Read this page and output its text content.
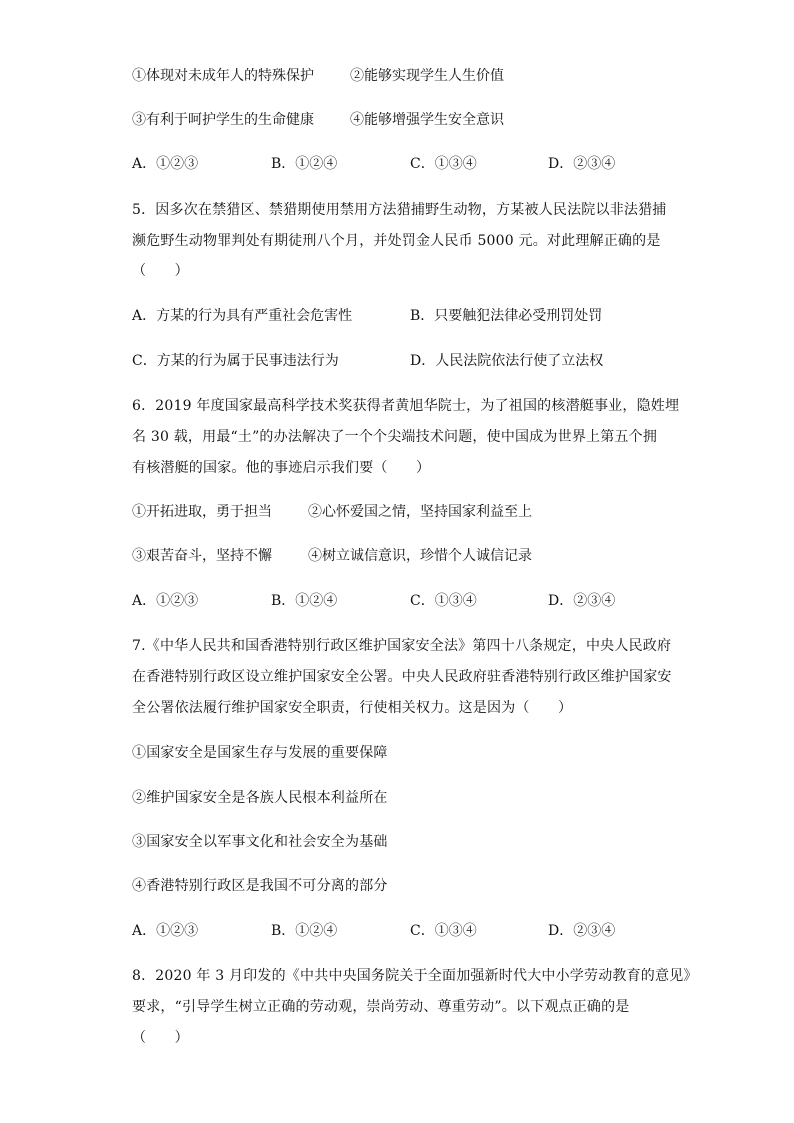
①体现对未成年人的特殊保护	②能够实现学生人生价值
③有利于呵护学生的生命健康	④能够增强学生安全意识
A．①②③	B．①②④	C．①③④	D．②③④
5．因多次在禁猎区、禁猎期使用禁用方法猎捕野生动物，方某被人民法院以非法猎捕
濒危野生动物罪判处有期徒刑八个月，并处罚金人民币 5000 元。对此理解正确的是
（　　）
A．方某的行为具有严重社会危害性	B．只要触犯法律必受刑罚处罚
C．方某的行为属于民事违法行为	D．人民法院依法行使了立法权
6．2019 年度国家最高科学技术奖获得者黄旭华院士，为了祖国的核潜艇事业，隐姓埋
名 30 载，用最“土”的办法解决了一个个尖端技术问题，使中国成为世界上第五个拥
有核潜艇的国家。他的事迹启示我们要（　　）
①开拓进取，勇于担当	②心怀爱国之情，坚持国家利益至上
③艰苦奋斗，坚持不懈	④树立诚信意识，珍惜个人诚信记录
A．①②③	B．①②④	C．①③④	D．②③④
7.《中华人民共和国香港特别行政区维护国家安全法》第四十八条规定，中央人民政府
在香港特别行政区设立维护国家安全公署。中央人民政府驻香港特别行政区维护国家安
全公署依法履行维护国家安全职责，行使相关权力。这是因为（　　）
①国家安全是国家生存与发展的重要保障
②维护国家安全是各族人民根本利益所在
③国家安全以军事文化和社会安全为基础
④香港特别行政区是我国不可分离的部分
A．①②③	B．①②④	C．①③④	D．②③④
8．2020 年 3 月印发的《中共中央国务院关于全面加强新时代大中小学劳动教育的意见》
要求，“引导学生树立正确的劳动观，崇尚劳动、尊重劳动”。以下观点正确的是
（　　）
